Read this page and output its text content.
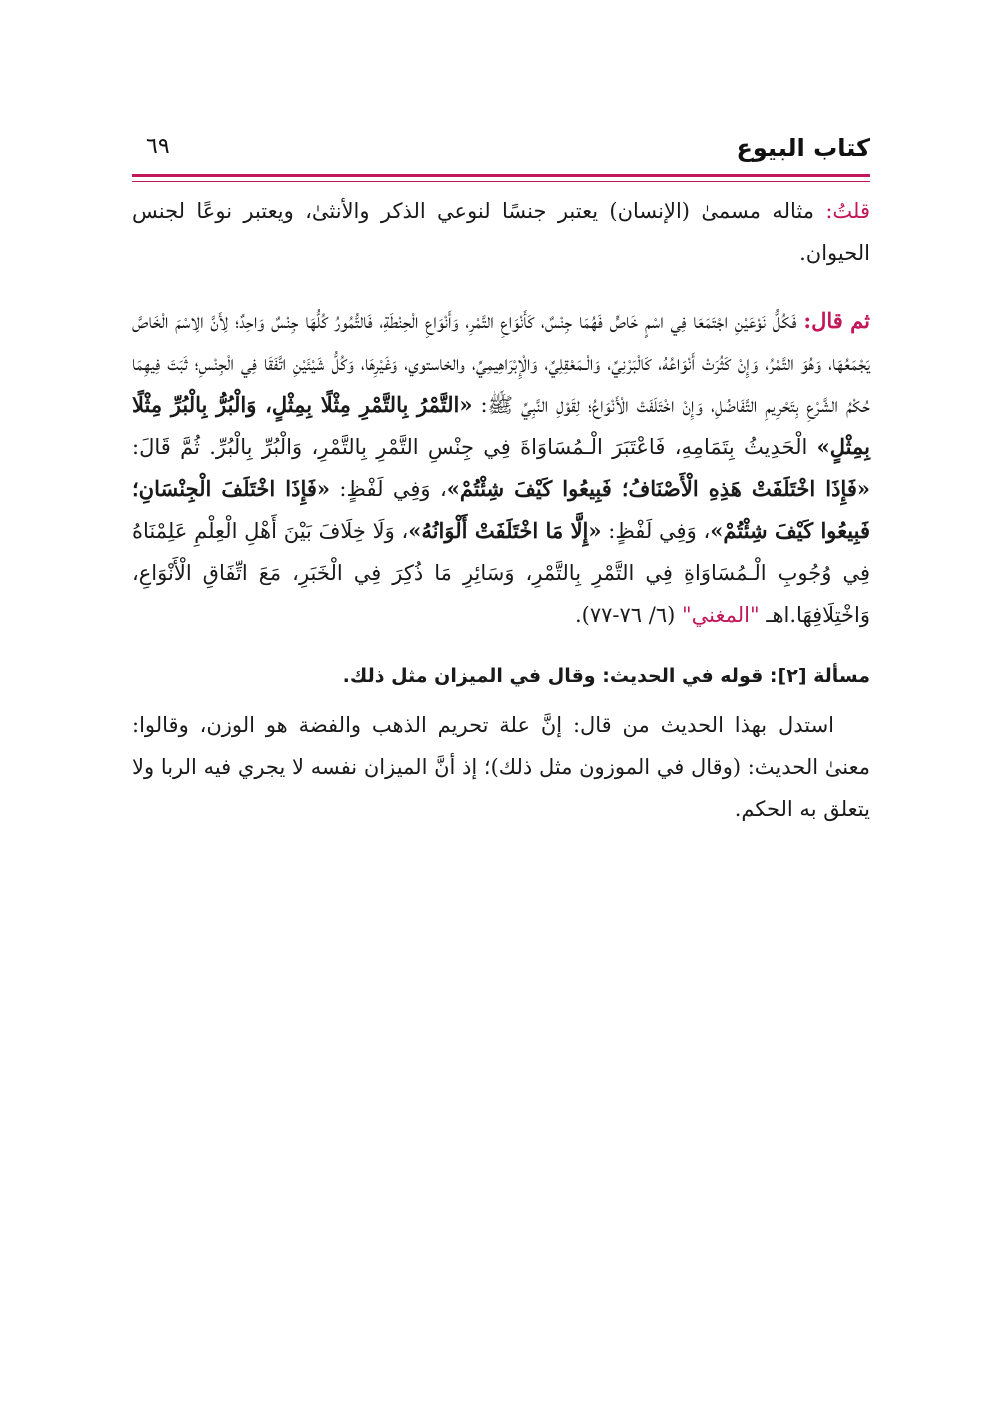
كتاب البيوع
٦٩

قلتُ: مثاله مسمىٰ (الإنسان) يعتبر جنسًا لنوعي الذكر والأنثىٰ، ويعتبر نوعًا لجنس الحيوان.

ثم قال: فَكُلُّ نَوْعَيْنِ اجْتَمَعَا فِي اسْمٍ خَاصٍّ فَهُمَا جِنْسٌ، كَأَنْوَاعِ التَّمْرِ، وَأَنْوَاعِ الْحِنْطَةِ، فَالتُّمُورُ كُلُّهَا جِنْسٌ وَاحِدٌ؛ لِأَنَّ الِاسْمَ الْخَاصَّ يَجْمَعُهَا، وَهُوَ التَّمْرُ، وَإِنْ كَثُرَتْ أَنْوَاعُهُ، كَالْبَرْنِيِّ، وَالْـمَعْقِلِيِّ، وَالْإِبْرَاهِيمِيِّ، والخاستوي، وَغَيْرِهَا، وَكُلُّ شَيْئَيْنِ اتَّفَقَا فِي الْجِنْسِ؛ ثَبَتَ فِيهِمَا حُكْمُ الشَّرْعِ بِتَحْرِيمِ التَّفَاضُلِ، وَإِنْ اخْتَلَفَتْ الْأَنْوَاعُ؛ لِقَوْلِ النَّبِيِّ ﷺ: «التَّمْرُ بِالتَّمْرِ مِثْلًا بِمِثْلٍ، وَالْبُرُّ بِالْبُرِّ مِثْلًا بِمِثْلٍ» الْحَدِيثُ بِتَمَامِهِ، فَاعْتَبَرَ الْـمُسَاوَاةَ فِي جِنْسِ التَّمْرِ بِالتَّمْرِ، وَالْبُرِّ بِالْبُرِّ. ثُمَّ قَالَ: «فَإِذَا اخْتَلَفَتْ هَذِهِ الْأَصْنَافُ؛ فَبِيعُوا كَيْفَ شِئْتُمْ»، وَفِي لَفْظٍ: «فَإِذَا اخْتَلَفَ الْجِنْسَانِ؛ فَبِيعُوا كَيْفَ شِئْتُمْ»، وَفِي لَفْظٍ: «إِلَّا مَا اخْتَلَفَتْ أَلْوَانُهُ»، وَلَا خِلَافَ بَيْنَ أَهْلِ الْعِلْمِ عَلِمْنَاهُ فِي وُجُوبِ الْـمُسَاوَاةِ فِي التَّمْرِ بِالتَّمْرِ، وَسَائِرِ مَا ذُكِرَ فِي الْخَبَرِ، مَعَ اتِّفَاقِ الْأَنْوَاعِ، وَاخْتِلَافِهَا.اهـ "المغني" (٦/ ٧٦-٧٧).

مسألة [٢]: قوله في الحديث: وقال في الميزان مثل ذلك.

استدل بهذا الحديث من قال: إنَّ علة تحريم الذهب والفضة هو الوزن، وقالوا: معنىٰ الحديث: (وقال في الموزون مثل ذلك)؛ إذ أنَّ الميزان نفسه لا يجري فيه الربا ولا يتعلق به الحكم.
